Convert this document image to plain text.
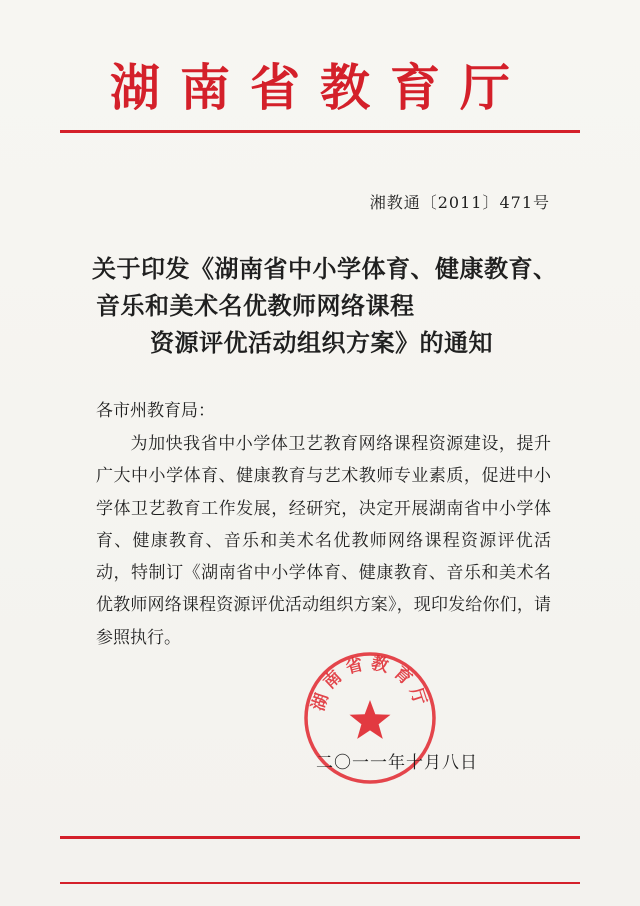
湖南省教育厅
湘教通〔2011〕471号
关于印发《湖南省中小学体育、健康教育、
音乐和美术名优教师网络课程
资源评优活动组织方案》的通知
各市州教育局：
为加快我省中小学体卫艺教育网络课程资源建设，提升广大中小学体育、健康教育与艺术教师专业素质，促进中小学体卫艺教育工作发展，经研究，决定开展湖南省中小学体育、健康教育、音乐和美术名优教师网络课程资源评优活动，特制订《湖南省中小学体育、健康教育、音乐和美术名优教师网络课程资源评优活动组织方案》，现印发给你们，请参照执行。
湖南省教育厅
二〇一一年十月八日
